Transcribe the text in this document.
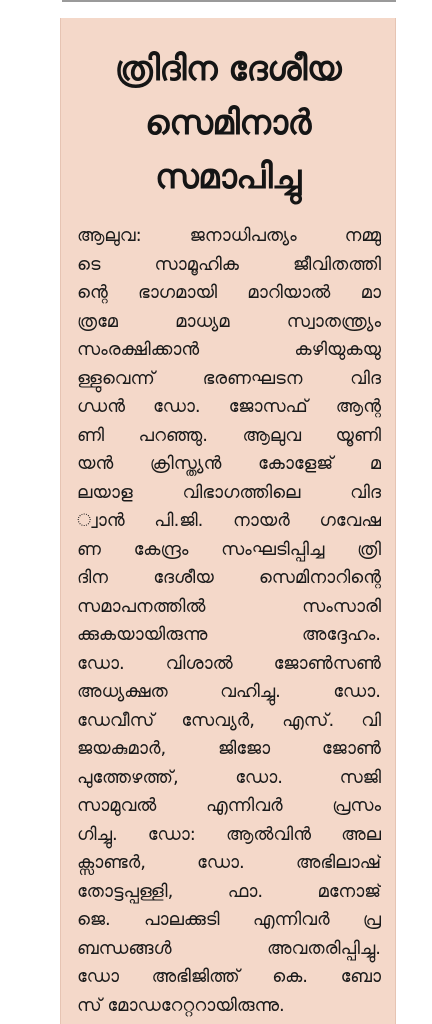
ത്രിദിന ദേശീയ
സെമിനാർ
സമാപിച്ചു
ആലുവ: ജനാധിപത്യം നമ്മു
ടെ സാമൂഹിക ജീവിതത്തി
ന്റെ ഭാഗമായി മാറിയാൽ മാ
ത്രമേ മാധ്യമ സ്വാതന്ത്ര്യം
സംരക്ഷിക്കാൻ കഴിയുകയു
ള്ളുവെന്ന് ഭരണഘടന വിദ
ഗ്ധൻ ഡോ. ജോസഫ് ആന്റ
ണി പറഞ്ഞു. ആലുവ യൂണി
യൻ ക്രിസ്ത്യൻ കോളേജ് മ
ലയാള വിഭാഗത്തിലെ വിദ
്വാൻ പി.ജി. നായർ ഗവേഷ
ണ കേന്ദ്രം സംഘടിപ്പിച്ച ത്രി
ദിന ദേശീയ സെമിനാറിന്റെ
സമാപനത്തിൽ സംസാരി
ക്കുകയായിരുന്നു അദ്ദേഹം.
ഡോ. വിശാൽ ജോൺസൺ
അധ്യക്ഷത വഹിച്ചു. ഡോ.
ഡേവീസ് സേവ്യർ, എസ്. വി
ജയകുമാർ, ജിജോ ജോൺ
പുത്തേഴത്ത്, ഡോ. സജി
സാമുവൽ എന്നിവർ പ്രസം
ഗിച്ചു. ഡോ: ആൽവിൻ അല
ക്സാണ്ടർ, ഡോ. അഭിലാഷ്
തോട്ടപ്പള്ളി, ഫാ. മനോജ്
ജെ. പാലക്കുടി എന്നിവർ പ്ര
ബന്ധങ്ങൾ അവതരിപ്പിച്ചു.
ഡോ അഭിജിത്ത് കെ. ബോ
സ് മോഡറേറ്ററായിരുന്നു.
